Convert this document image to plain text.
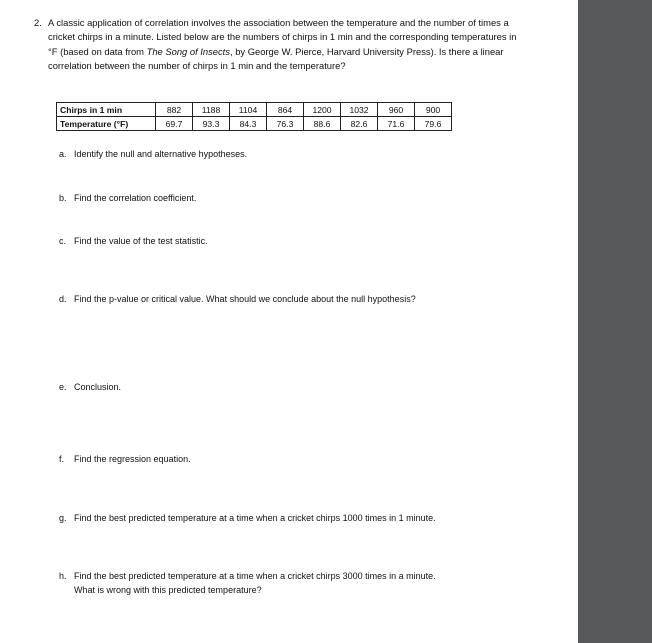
2. A classic application of correlation involves the association between the temperature and the number of times a cricket chirps in a minute. Listed below are the numbers of chirps in 1 min and the corresponding temperatures in °F (based on data from The Song of Insects, by George W. Pierce, Harvard University Press). Is there a linear correlation between the number of chirps in 1 min and the temperature?
Chirps in 1 min	882	1188	1104	864	1200	1032	960	900
Temperature (°F)	69.7	93.3	84.3	76.3	88.6	82.6	71.6	79.6
a. Identify the null and alternative hypotheses.
b. Find the correlation coefficient.
c. Find the value of the test statistic.
d. Find the p-value or critical value. What should we conclude about the null hypothesis?
e. Conclusion.
f. Find the regression equation.
g. Find the best predicted temperature at a time when a cricket chirps 1000 times in 1 minute.
h. Find the best predicted temperature at a time when a cricket chirps 3000 times in a minute.
What is wrong with this predicted temperature?
